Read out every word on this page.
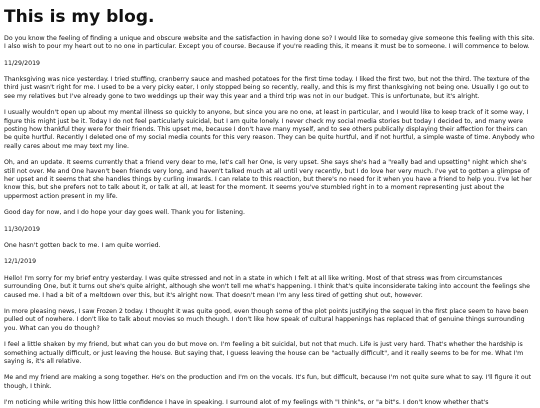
This is my blog.

Do you know the feeling of finding a unique and obscure website and the satisfaction in having done so? I would like to someday give someone this feeling with this site. I also wish to pour my heart out to no one in particular. Except you of course. Because if you're reading this, it means it must be to someone. I will commence to below.

11/29/2019

Thanksgiving was nice yesterday. I tried stuffing, cranberry sauce and mashed potatoes for the first time today. I liked the first two, but not the third. The texture of the third just wasn't right for me. I used to be a very picky eater, I only stopped being so recently, really, and this is my first thanksgiving not being one. Usually I go out to see my relatives but I've already gone to two weddings up their way this year and a third trip was not in our budget. This is unfortunate, but it's alright.

I usually wouldn't open up about my mental illness so quickly to anyone, but since you are no one, at least in particular, and I would like to keep track of it some way, I figure this might just be it. Today I do not feel particularly suicidal, but I am quite lonely. I never check my social media stories but today I decided to, and many were posting how thankful they were for their friends. This upset me, because I don't have many myself, and to see others publically displaying their affection for theirs can be quite hurtful. Recently I deleted one of my social media counts for this very reason. They can be quite hurtful, and if not hurtful, a simple waste of time. Anybody who really cares about me may text my line.

Oh, and an update. It seems currently that a friend very dear to me, let's call her One, is very upset. She says she's had a "really bad and upsetting" night which she's still not over. Me and One haven't been friends very long, and haven't talked much at all until very recently, but I do love her very much. I've yet to gotten a glimpse of her upset and it seems that she handles things by curling inwards. I can relate to this reaction, but there's no need for it when you have a friend to help you. I've let her know this, but she prefers not to talk about it, or talk at all, at least for the moment. It seems you've stumbled right in to a moment representing just about the uppermost action present in my life.

Good day for now, and I do hope your day goes well. Thank you for listening.

11/30/2019

One hasn't gotten back to me. I am quite worried.

12/1/2019

Hello! I'm sorry for my brief entry yesterday. I was quite stressed and not in a state in which I felt at all like writing. Most of that stress was from circumstances surrounding One, but it turns out she's quite alright, although she won't tell me what's happening. I think that's quite inconsiderate taking into account the feelings she caused me. I had a bit of a meltdown over this, but it's alright now. That doesn't mean I'm any less tired of getting shut out, however.

In more pleasing news, I saw Frozen 2 today. I thought it was quite good, even though some of the plot points justifying the sequel in the first place seem to have been pulled out of nowhere. I don't like to talk about movies so much though. I don't like how speak of cultural happenings has replaced that of genuine things surrounding you. What can you do though?

I feel a little shaken by my friend, but what can you do but move on. I'm feeling a bit suicidal, but not that much. Life is just very hard. That's whether the hardship is something actually difficult, or just leaving the house. But saying that, I guess leaving the house can be "actually difficult", and it really seems to be for me. What I'm saying is, it's all relative.

Me and my friend are making a song together. He's on the production and I'm on the vocals. It's fun, but difficult, because I'm not quite sure what to say. I'll figure it out though, I think.

I'm noticing while writing this how little confidence I have in speaking. I surround alot of my feelings with "I think"s, or "a bit"s. I don't know whether that's
